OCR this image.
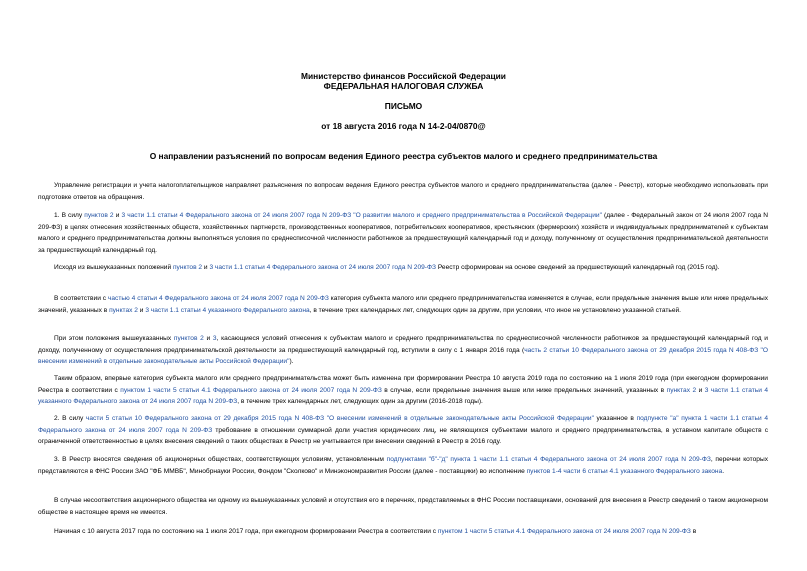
Министерство финансов Российской Федерации
ФЕДЕРАЛЬНАЯ НАЛОГОВАЯ СЛУЖБА
ПИСЬМО
от 18 августа 2016 года N 14-2-04/0870@
О направлении разъяснений по вопросам ведения Единого реестра субъектов малого и среднего предпринимательства
Управление регистрации и учета налогоплательщиков направляет разъяснения по вопросам ведения Единого реестра субъектов малого и среднего предпринимательства (далее - Реестр), которые необходимо использовать при подготовке ответов на обращения.
1. В силу пунктов 2 и 3 части 1.1 статьи 4 Федерального закона от 24 июля 2007 года N 209-ФЗ "О развитии малого и среднего предпринимательства в Российской Федерации" (далее - Федеральный закон от 24 июля 2007 года N 209-ФЗ) в целях отнесения хозяйственных обществ, хозяйственных партнерств, производственных кооперативов, потребительских кооперативов, крестьянских (фермерских) хозяйств и индивидуальных предпринимателей к субъектам малого и среднего предпринимательства должны выполняться условия по среднесписочной численности работников за предшествующий календарный год и доходу, полученному от осуществления предпринимательской деятельности за предшествующий календарный год.
Исходя из вышеуказанных положений пунктов 2 и 3 части 1.1 статьи 4 Федерального закона от 24 июля 2007 года N 209-ФЗ Реестр сформирован на основе сведений за предшествующий календарный год (2015 год).
В соответствии с частью 4 статьи 4 Федерального закона от 24 июля 2007 года N 209-ФЗ категория субъекта малого или среднего предпринимательства изменяется в случае, если предельные значения выше или ниже предельных значений, указанных в пунктах 2 и 3 части 1.1 статьи 4 указанного Федерального закона, в течение трех календарных лет, следующих один за другим, при условии, что иное не установлено указанной статьей.
При этом положения вышеуказанных пунктов 2 и 3, касающиеся условий отнесения к субъектам малого и среднего предпринимательства по среднесписочной численности работников за предшествующий календарный год и доходу, полученному от осуществления предпринимательской деятельности за предшествующий календарный год, вступили в силу с 1 января 2016 года (часть 2 статьи 10 Федерального закона от 29 декабря 2015 года N 408-ФЗ "О внесении изменений в отдельные законодательные акты Российской Федерации").
Таким образом, впервые категория субъекта малого или среднего предпринимательства может быть изменена при формировании Реестра 10 августа 2019 года по состоянию на 1 июля 2019 года (при ежегодном формировании Реестра в соответствии с пунктом 1 части 5 статьи 4.1 Федерального закона от 24 июля 2007 года N 209-ФЗ в случае, если предельные значения выше или ниже предельных значений, указанных в пунктах 2 и 3 части 1.1 статьи 4 указанного Федерального закона от 24 июля 2007 года N 209-ФЗ, в течение трех календарных лет, следующих один за другим (2016-2018 годы).
2. В силу части 5 статьи 10 Федерального закона от 29 декабря 2015 года N 408-ФЗ "О внесении изменений в отдельные законодательные акты Российской Федерации" указанное в подпункте "а" пункта 1 части 1.1 статьи 4 Федерального закона от 24 июля 2007 года N 209-ФЗ требование в отношении суммарной доли участия юридических лиц, не являющихся субъектами малого и среднего предпринимательства, в уставном капитале обществ с ограниченной ответственностью в целях внесения сведений о таких обществах в Реестр не учитывается при внесении сведений в Реестр в 2016 году.
3. В Реестр вносятся сведения об акционерных обществах, соответствующих условиям, установленным подпунктами "б"-"д" пункта 1 части 1.1 статьи 4 Федерального закона от 24 июля 2007 года N 209-ФЗ, перечни которых представляются в ФНС России ЗАО "ФБ ММВБ", Минобрнауки России, Фондом "Сколково" и Минэкономразвития России (далее - поставщики) во исполнение пунктов 1-4 части 6 статьи 4.1 указанного Федерального закона.
В случае несоответствия акционерного общества ни одному из вышеуказанных условий и отсутствия его в перечнях, представляемых в ФНС России поставщиками, оснований для внесения в Реестр сведений о таком акционерном обществе в настоящее время не имеется.
Начиная с 10 августа 2017 года по состоянию на 1 июля 2017 года, при ежегодном формировании Реестра в соответствии с пунктом 1 части 5 статьи 4.1 Федерального закона от 24 июля 2007 года N 209-ФЗ в
